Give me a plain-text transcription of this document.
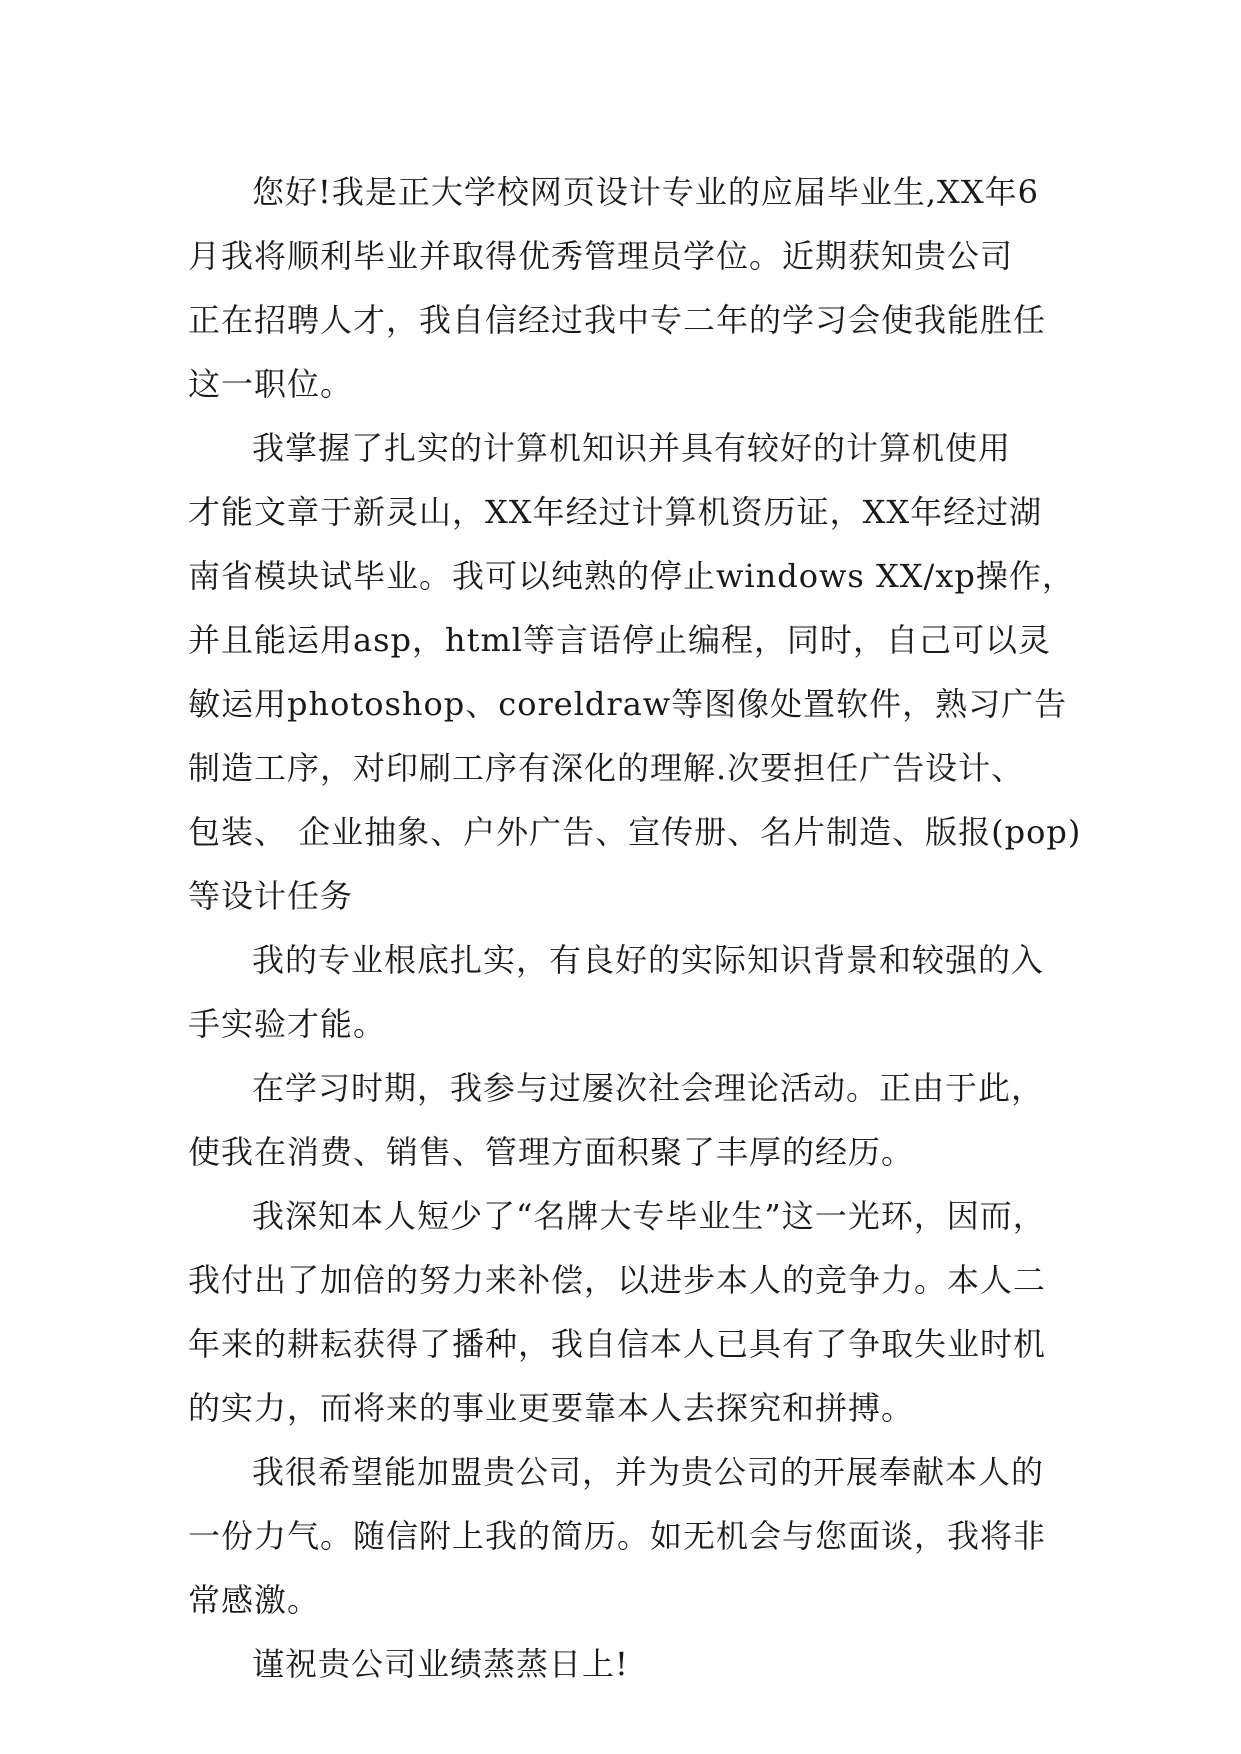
您好!我是正大学校网页设计专业的应届毕业生,XX年6
月我将顺利毕业并取得优秀管理员学位。近期获知贵公司
正在招聘人才，我自信经过我中专二年的学习会使我能胜任
这一职位。
我掌握了扎实的计算机知识并具有较好的计算机使用
才能文章于新灵山，XX年经过计算机资历证，XX年经过湖
南省模块试毕业。我可以纯熟的停止windows XX/xp操作，
并且能运用asp，html等言语停止编程，同时，自己可以灵
敏运用photoshop、coreldraw等图像处置软件，熟习广告
制造工序，对印刷工序有深化的理解.次要担任广告设计、
包装、 企业抽象、户外广告、宣传册、名片制造、版报(pop)
等设计任务
我的专业根底扎实，有良好的实际知识背景和较强的入
手实验才能。
在学习时期，我参与过屡次社会理论活动。正由于此，
使我在消费、销售、管理方面积聚了丰厚的经历。
我深知本人短少了“名牌大专毕业生”这一光环，因而，
我付出了加倍的努力来补偿，以进步本人的竞争力。本人二
年来的耕耘获得了播种，我自信本人已具有了争取失业时机
的实力，而将来的事业更要靠本人去探究和拼搏。
我很希望能加盟贵公司，并为贵公司的开展奉献本人的
一份力气。随信附上我的简历。如无机会与您面谈，我将非
常感激。
谨祝贵公司业绩蒸蒸日上!
